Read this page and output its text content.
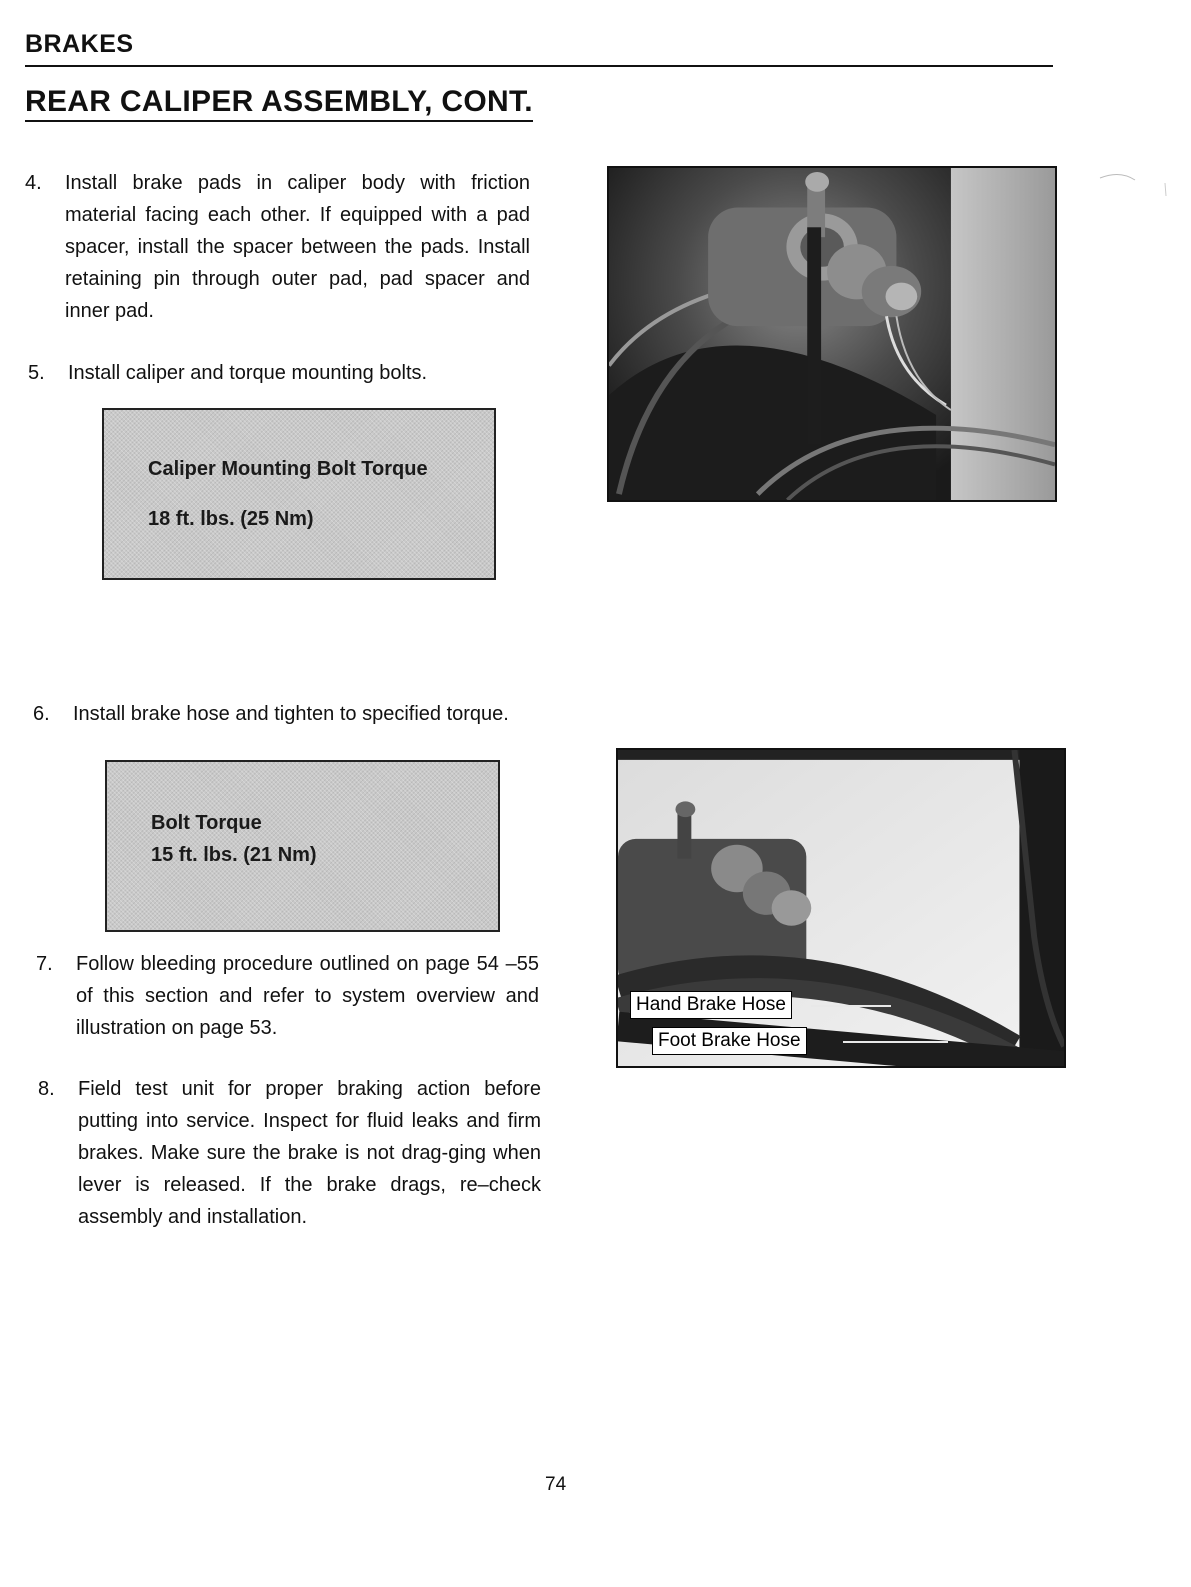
BRAKES
REAR CALIPER ASSEMBLY, CONT.
4.	Install brake pads in caliper body with friction material facing each other. If equipped with a pad spacer, install the spacer between the pads. Install retaining pin through outer pad, pad spacer and inner pad.
5.	Install caliper and torque mounting bolts.
Caliper Mounting Bolt Torque
18 ft. lbs. (25 Nm)
6.	Install brake hose and tighten to specified torque.
Bolt Torque
15 ft. lbs. (21 Nm)
7.	Follow bleeding procedure outlined on page 54 –55 of this section and refer to system overview and illustration on page 53.
8.	Field test unit for proper braking action before putting into service. Inspect for fluid leaks and firm brakes. Make sure the brake is not drag-ging when lever is released. If the brake drags, re–check assembly and installation.
Hand Brake Hose
Foot Brake Hose
74
